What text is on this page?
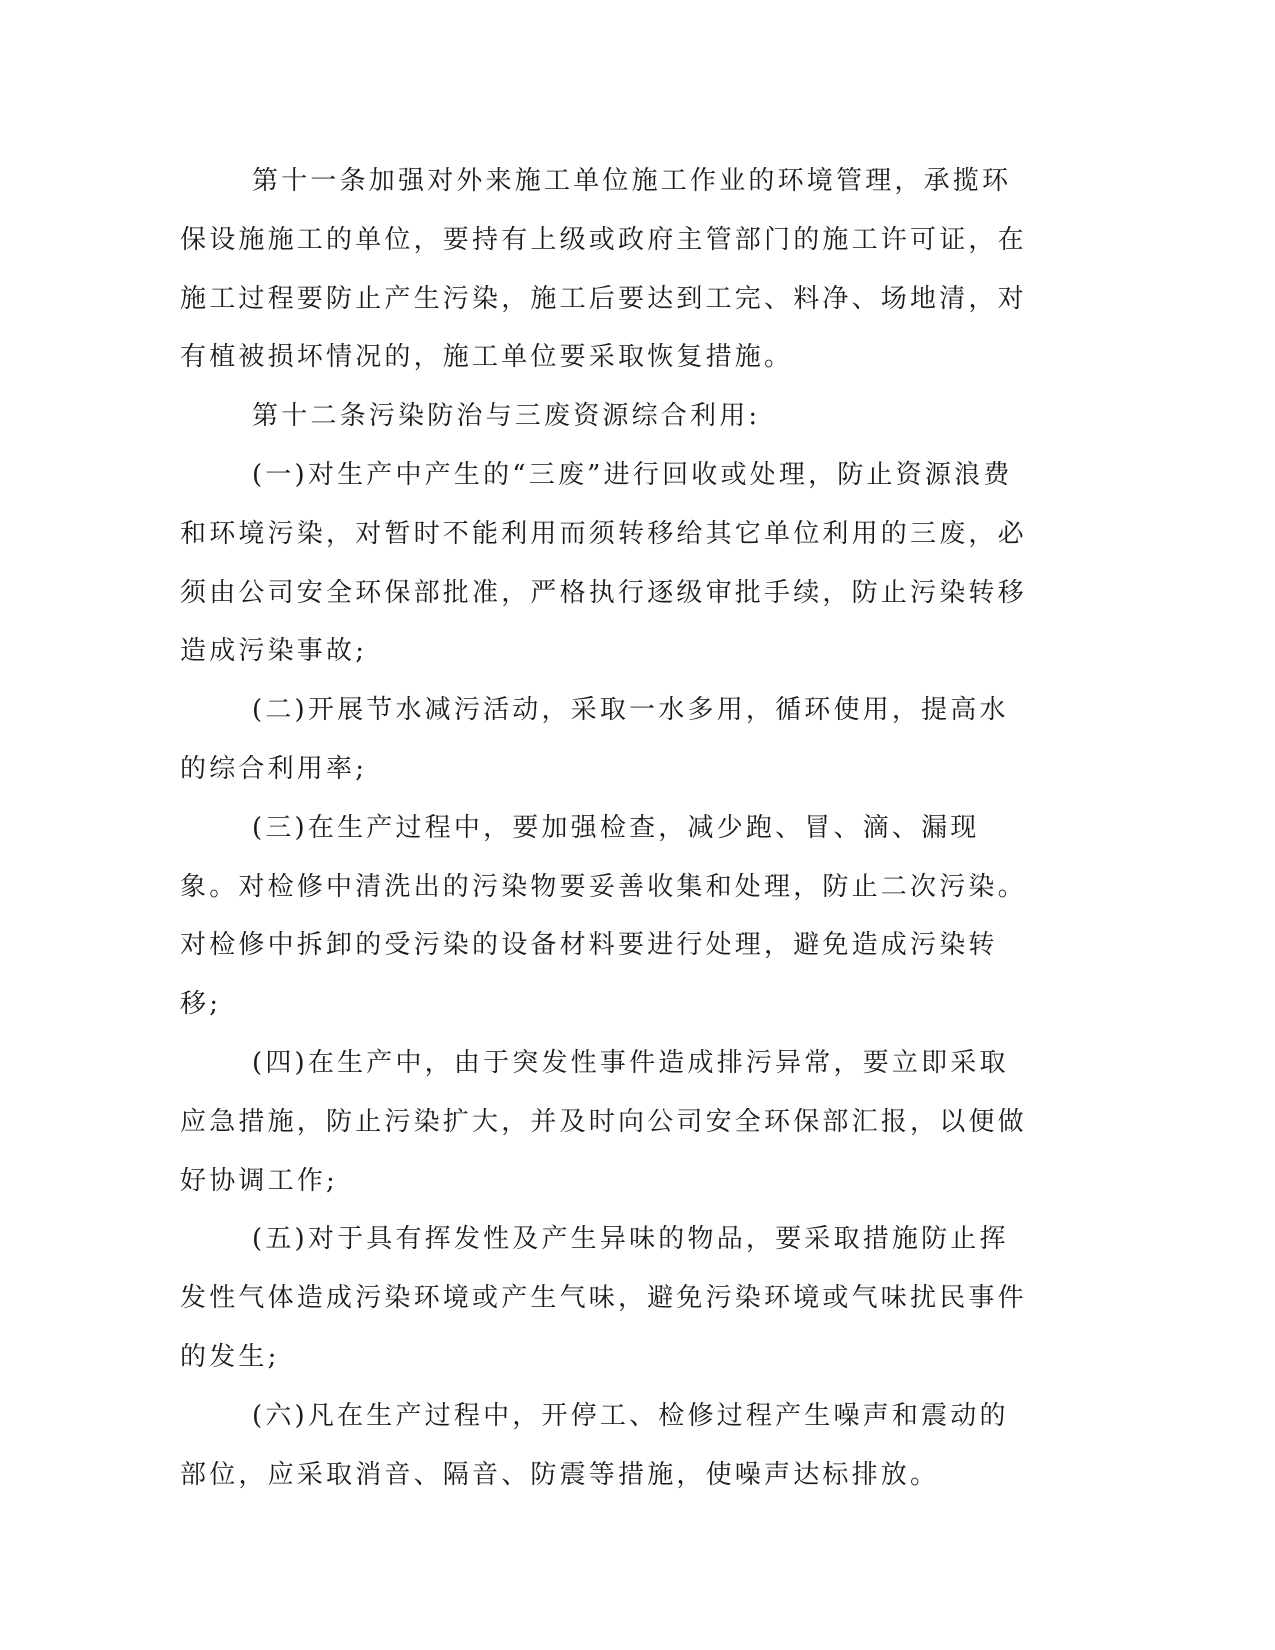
第十一条加强对外来施工单位施工作业的环境管理，承揽环保设施施工的单位，要持有上级或政府主管部门的施工许可证，在施工过程要防止产生污染，施工后要达到工完、料净、场地清，对有植被损坏情况的，施工单位要采取恢复措施。

第十二条污染防治与三废资源综合利用:

(一)对生产中产生的“三废”进行回收或处理，防止资源浪费和环境污染，对暂时不能利用而须转移给其它单位利用的三废，必须由公司安全环保部批准，严格执行逐级审批手续，防止污染转移造成污染事故;

(二)开展节水减污活动，采取一水多用，循环使用，提高水的综合利用率;

(三)在生产过程中，要加强检查，减少跑、冒、滴、漏现象。对检修中清洗出的污染物要妥善收集和处理，防止二次污染。对检修中拆卸的受污染的设备材料要进行处理，避免造成污染转移;

(四)在生产中，由于突发性事件造成排污异常，要立即采取应急措施，防止污染扩大，并及时向公司安全环保部汇报，以便做好协调工作;

(五)对于具有挥发性及产生异味的物品，要采取措施防止挥发性气体造成污染环境或产生气味，避免污染环境或气味扰民事件的发生;

(六)凡在生产过程中，开停工、检修过程产生噪声和震动的部位，应采取消音、隔音、防震等措施，使噪声达标排放。
